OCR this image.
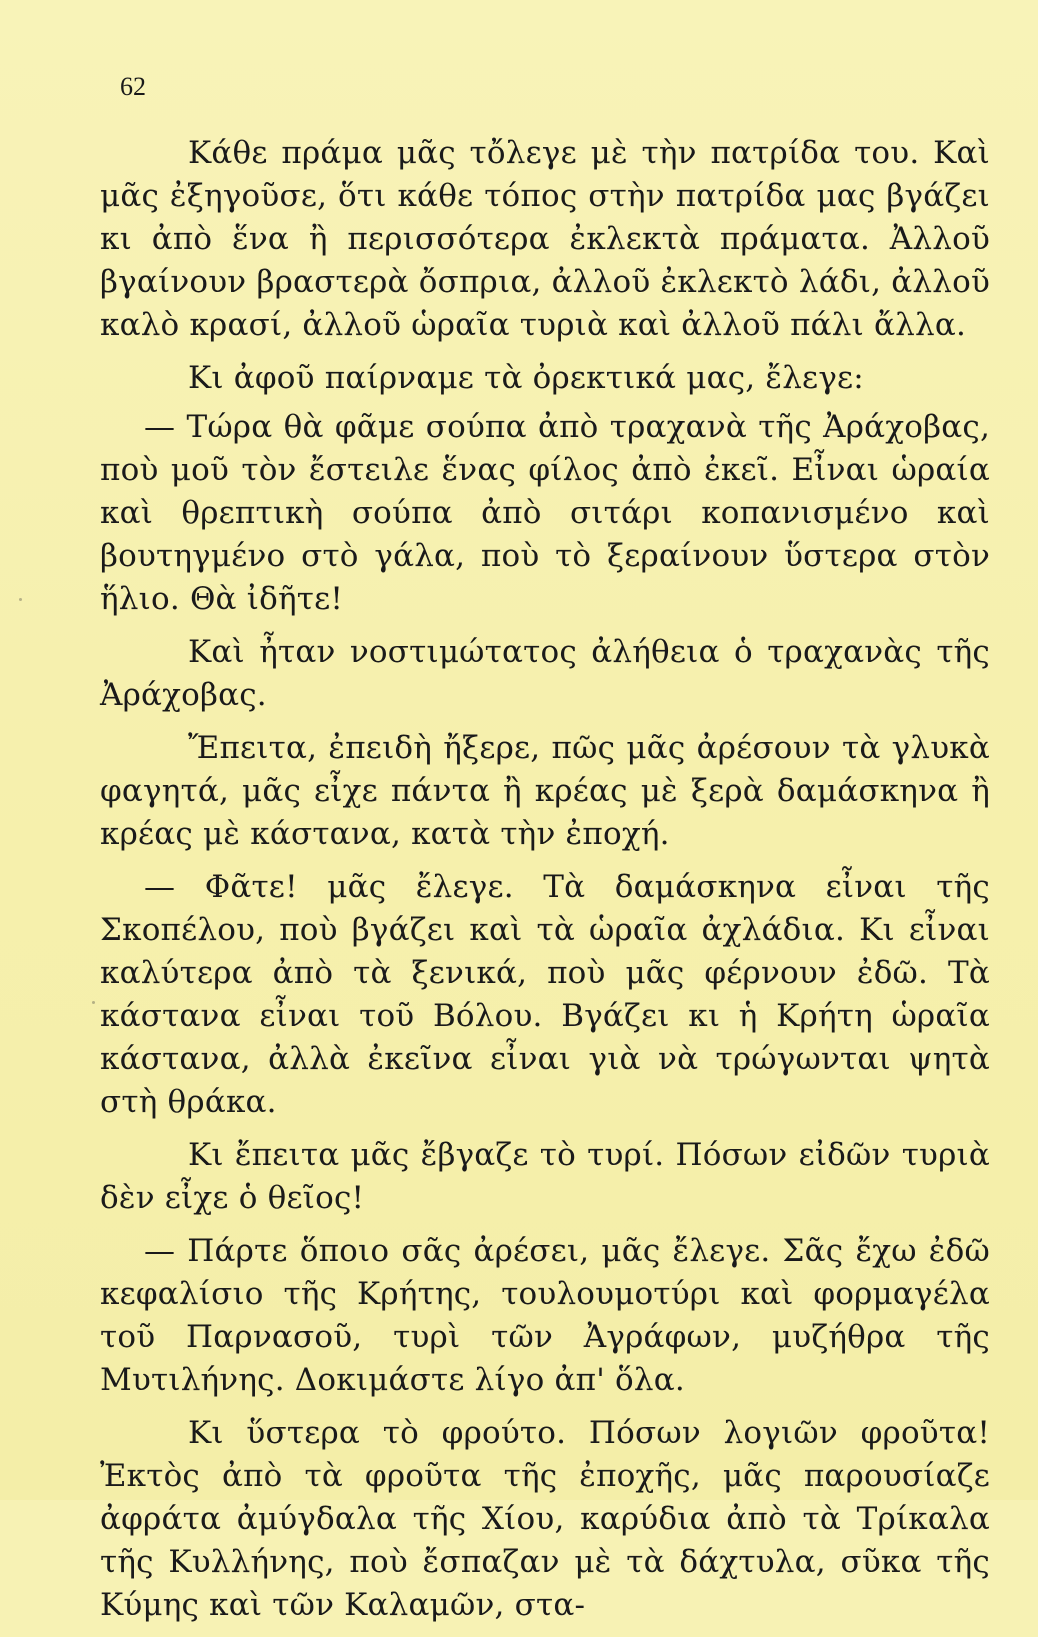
62

Κάθε πράμα μᾶς τὄλεγε μὲ τὴν πατρίδα του. Καὶ μᾶς ἐξηγοῦσε, ὅτι κάθε τόπος στὴν πατρίδα μας βγάζει κι ἀπὸ ἕνα ἢ περισσότερα ἐκλεκτὰ πράματα. Ἀλλοῦ βγαίνουν βραστερὰ ὄσπρια, ἀλλοῦ ἐκλεκτὸ λάδι, ἀλλοῦ καλὸ κρασί, ἀλλοῦ ὡραῖα τυριὰ καὶ ἀλλοῦ πάλι ἄλλα.

Κι ἀφοῦ παίρναμε τὰ ὀρεκτικά μας, ἔλεγε:

— Τώρα θὰ φᾶμε σούπα ἀπὸ τραχανὰ τῆς Ἀράχοβας, ποὺ μοῦ τὸν ἔστειλε ἕνας φίλος ἀπὸ ἐκεῖ. Εἶναι ὡραία καὶ θρεπτικὴ σούπα ἀπὸ σιτάρι κοπανισμένο καὶ βουτηγμένο στὸ γάλα, ποὺ τὸ ξεραίνουν ὕστερα στὸν ἥλιο. Θὰ ἰδῆτε!

Καὶ ἦταν νοστιμώτατος ἀλήθεια ὁ τραχανὰς τῆς Ἀράχοβας.

Ἔπειτα, ἐπειδὴ ἤξερε, πῶς μᾶς ἀρέσουν τὰ γλυκὰ φαγητά, μᾶς εἶχε πάντα ἢ κρέας μὲ ξερὰ δαμάσκηνα ἢ κρέας μὲ κάστανα, κατὰ τὴν ἐποχή.

— Φᾶτε! μᾶς ἔλεγε. Τὰ δαμάσκηνα εἶναι τῆς Σκοπέλου, ποὺ βγάζει καὶ τὰ ὡραῖα ἀχλάδια. Κι εἶναι καλύτερα ἀπὸ τὰ ξενικά, ποὺ μᾶς φέρνουν ἐδῶ. Τὰ κάστανα εἶναι τοῦ Βόλου. Βγάζει κι ἡ Κρήτη ὡραῖα κάστανα, ἀλλὰ ἐκεῖνα εἶναι γιὰ νὰ τρώγωνται ψητὰ στὴ θράκα.

Κι ἔπειτα μᾶς ἔβγαζε τὸ τυρί. Πόσων εἰδῶν τυριὰ δὲν εἶχε ὁ θεῖος!

— Πάρτε ὅποιο σᾶς ἀρέσει, μᾶς ἔλεγε. Σᾶς ἔχω ἐδῶ κεφαλίσιο τῆς Κρήτης, τουλουμοτύρι καὶ φορμαγέλα τοῦ Παρνασοῦ, τυρὶ τῶν Ἀγράφων, μυζήθρα τῆς Μυτιλήνης. Δοκιμάστε λίγο ἀπ' ὅλα.

Κι ὕστερα τὸ φρούτο. Πόσων λογιῶν φροῦτα! Ἐκτὸς ἀπὸ τὰ φροῦτα τῆς ἐποχῆς, μᾶς παρουσίαζε ἀφράτα ἀμύγδαλα τῆς Χίου, καρύδια ἀπὸ τὰ Τρίκαλα τῆς Κυλλήνης, ποὺ ἔσπαζαν μὲ τὰ δάχτυλα, σῦκα τῆς Κύμης καὶ τῶν Καλαμῶν, στα-
